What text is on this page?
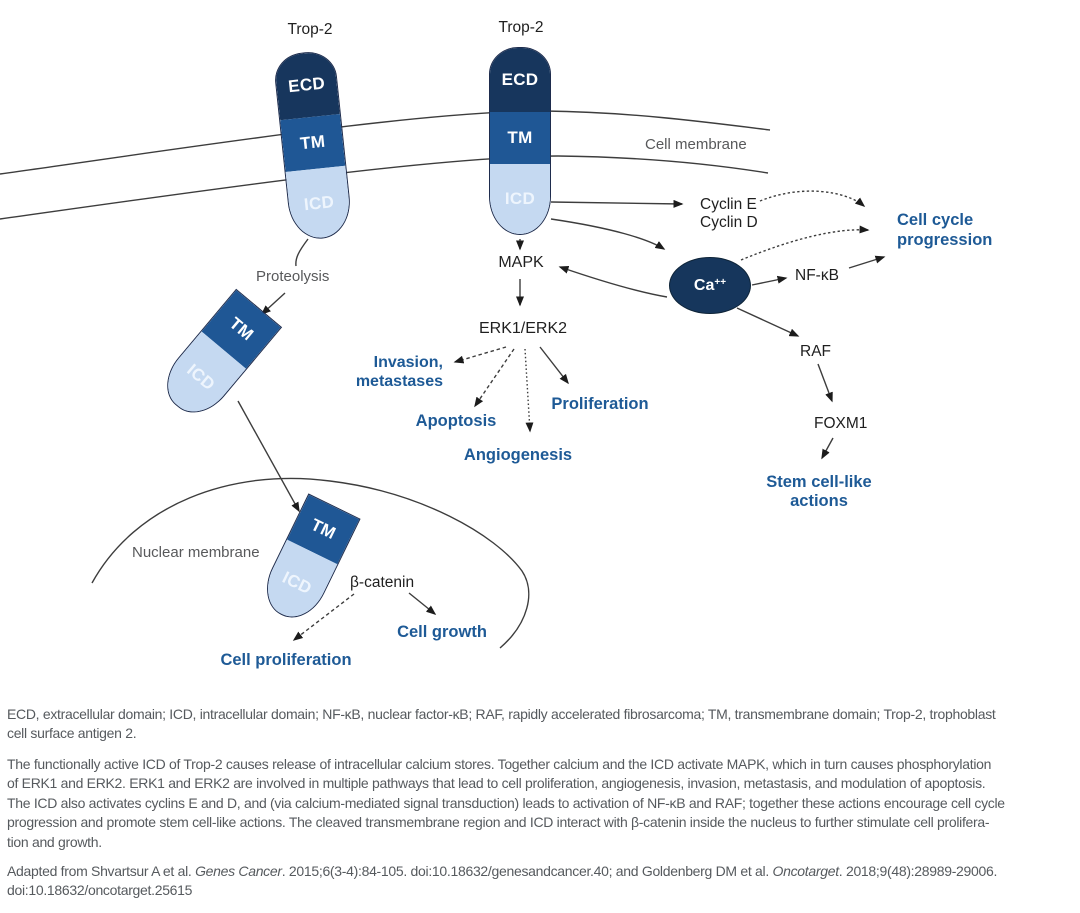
ECD
TM
ICD
ECD
TM
ICD
TM
ICD
TM
ICD
Ca ++
Trop-2	Trop-2
Cell membrane
Proteolysis
Nuclear membrane
Cyclin E
Cyclin D
MAPK
ERK1/ERK2
NF-κB
RAF
FOXM1
β-catenin
Cell cycle
progression
Invasion,
metastases
Apoptosis
Angiogenesis
Proliferation
Stem cell-like
actions
Cell proliferation
Cell growth
ECD, extracellular domain; ICD, intracellular domain; NF-κB, nuclear factor-κB; RAF, rapidly accelerated fibrosarcoma; TM, transmembrane domain; Trop-2, trophoblast
cell surface antigen 2.
The functionally active ICD of Trop-2 causes release of intracellular calcium stores. Together calcium and the ICD activate MAPK, which in turn causes phosphorylation
of ERK1 and ERK2. ERK1 and ERK2 are involved in multiple pathways that lead to cell proliferation, angiogenesis, invasion, metastasis, and modulation of apoptosis.
The ICD also activates cyclins E and D, and (via calcium-mediated signal transduction) leads to activation of NF-κB and RAF; together these actions encourage cell cycle
progression and promote stem cell-like actions. The cleaved transmembrane region and ICD interact with β-catenin inside the nucleus to further stimulate cell prolifera-
tion and growth.
Adapted from Shvartsur A et al. Genes Cancer. 2015;6(3-4):84-105. doi:10.18632/genesandcancer.40; and Goldenberg DM et al. Oncotarget. 2018;9(48):28989-29006.
doi:10.18632/oncotarget.25615
